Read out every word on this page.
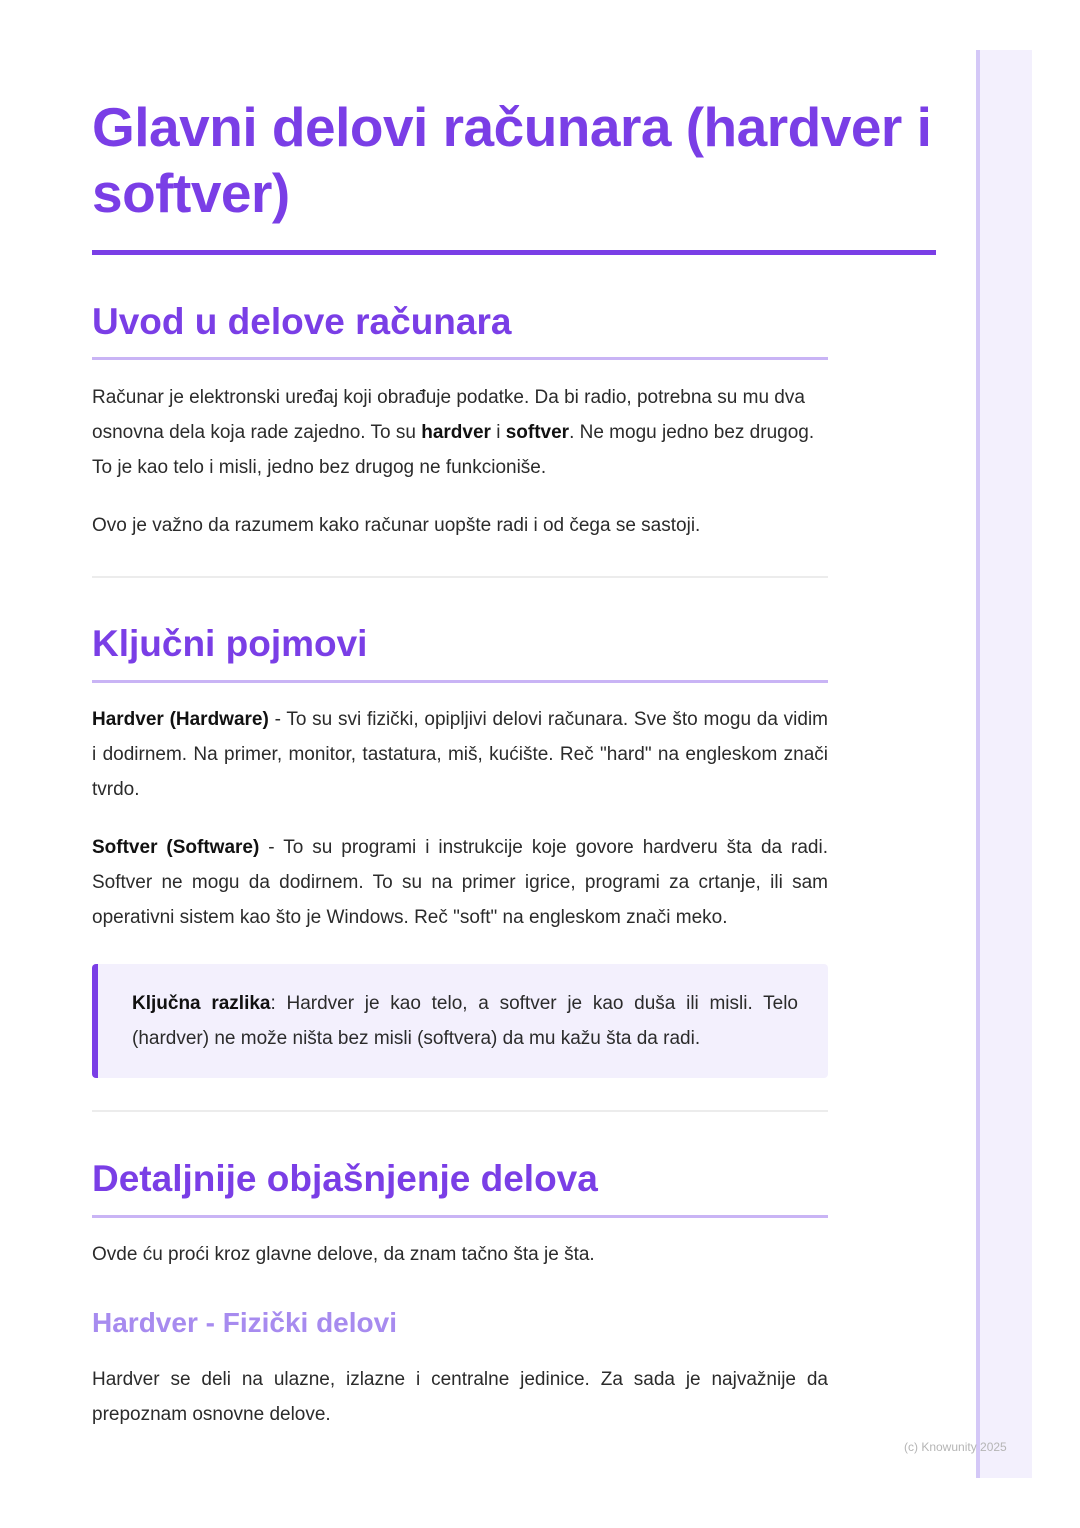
Glavni delovi računara (hardver i softver)
Uvod u delove računara

Računar je elektronski uređaj koji obrađuje podatke. Da bi radio, potrebna su mu dva osnovna dela koja rade zajedno. To su hardver i softver. Ne mogu jedno bez drugog. To je kao telo i misli, jedno bez drugog ne funkcioniše.

Ovo je važno da razumem kako računar uopšte radi i od čega se sastoji.

Ključni pojmovi

Hardver (Hardware) - To su svi fizički, opipljivi delovi računara. Sve što mogu da vidim i dodirnem. Na primer, monitor, tastatura, miš, kućište. Reč "hard" na engleskom znači tvrdo.

Softver (Software) - To su programi i instrukcije koje govore hardveru šta da radi. Softver ne mogu da dodirnem. To su na primer igrice, programi za crtanje, ili sam operativni sistem kao što je Windows. Reč "soft" na engleskom znači meko.

Ključna razlika: Hardver je kao telo, a softver je kao duša ili misli. Telo (hardver) ne može ništa bez misli (softvera) da mu kažu šta da radi.

Detaljnije objašnjenje delova

Ovde ću proći kroz glavne delove, da znam tačno šta je šta.

Hardver - Fizički delovi

Hardver se deli na ulazne, izlazne i centralne jedinice. Za sada je najvažnije da prepoznam osnovne delove.

(c) Knowunity 2025
